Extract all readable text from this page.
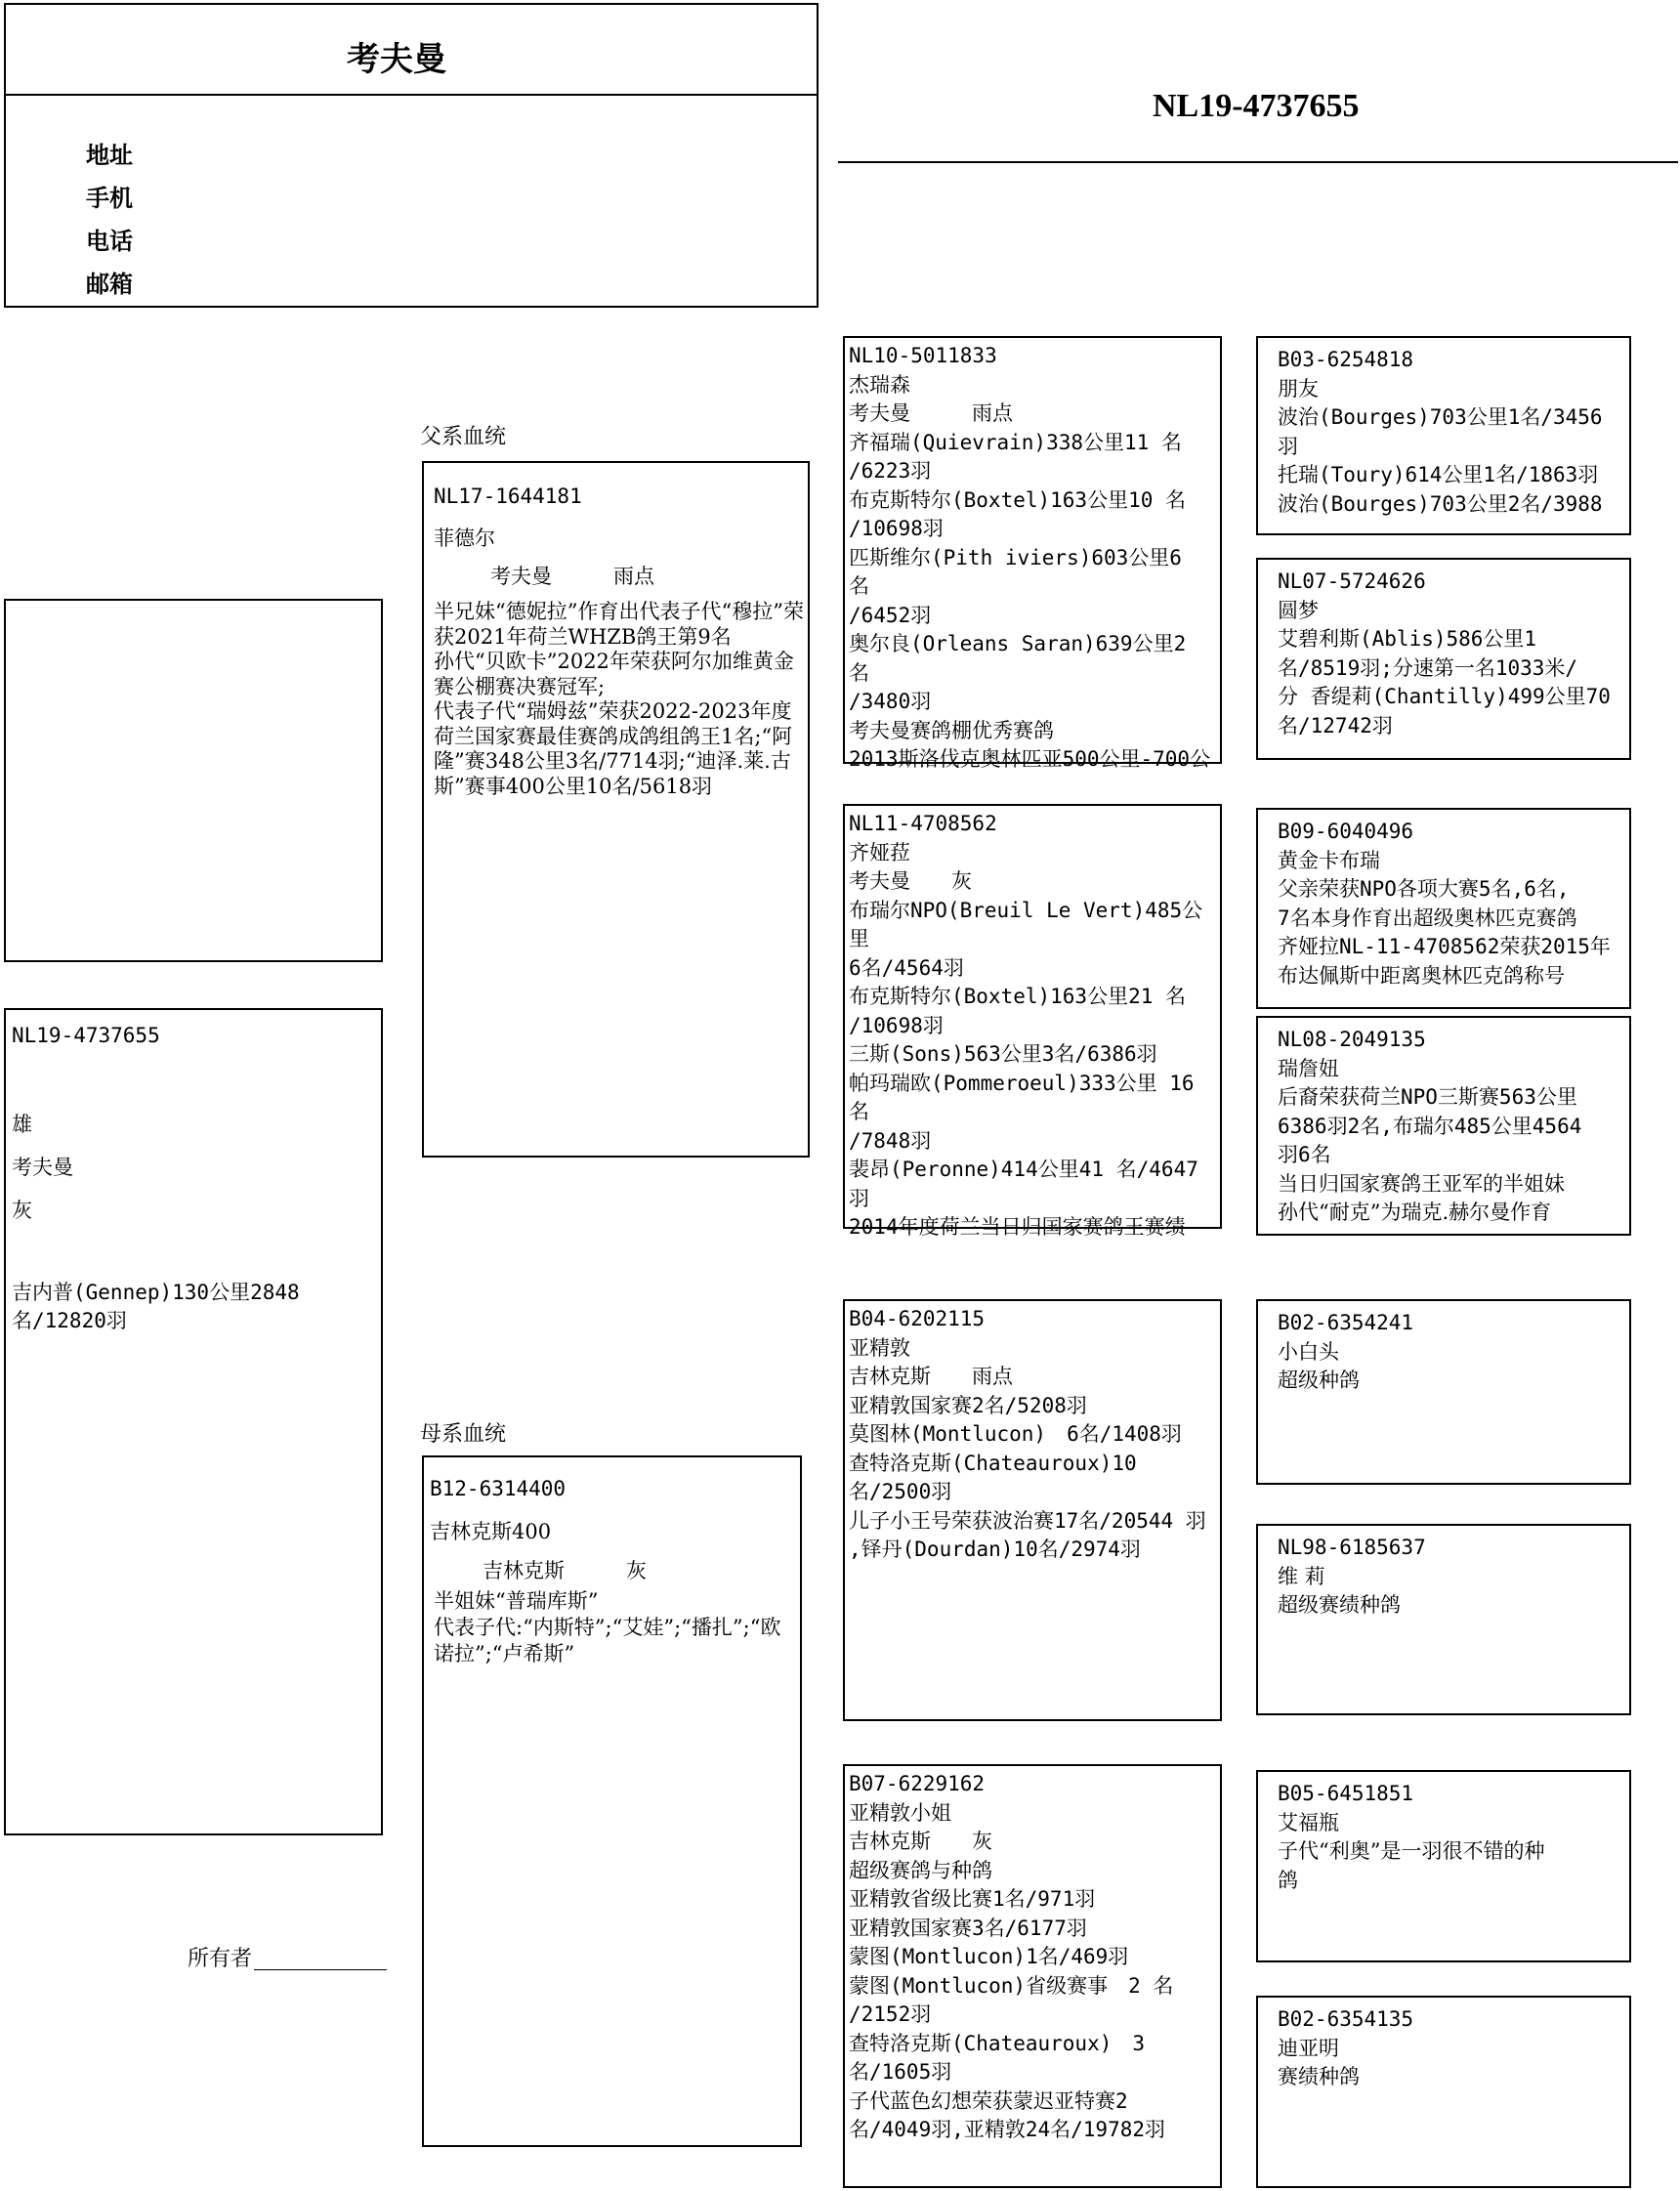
考夫曼
地址
手机
电话
邮箱
NL19-4737655
NL19-4737655
雄
考夫曼
灰
吉内普(Gennep)130公里2848名/12820羽
所有者
父系血统
母系血统
NL17-1644181
菲德尔
考夫曼　　　雨点
半兄妹“德妮拉”作育出代表子代“穆拉”荣获2021年荷兰WHZB鸽王第9名
孙代“贝欧卡”2022年荣获阿尔加维黄金赛公棚赛决赛冠军;
代表子代“瑞姆兹”荣获2022-2023年度荷兰国家赛最佳赛鸽成鸽组鸽王1名;“阿隆”赛348公里3名/7714羽;“迪泽.莱.古斯”赛事400公里10名/5618羽
B12-6314400
吉林克斯400
吉林克斯　　　灰
半姐妹“普瑞库斯”
代表子代:“内斯特”;“艾娃”;“播扎”;“欧诺拉”;“卢希斯”
NL10-5011833
杰瑞森
考夫曼　　　雨点
齐福瑞(Quievrain)338公里11 名
/6223羽
布克斯特尔(Boxtel)163公里10 名
/10698羽
匹斯维尔(Pith iviers)603公里6 名
/6452羽
奥尔良(Orleans Saran)639公里2 名
/3480羽
考夫曼赛鸽棚优秀赛鸽
2013斯洛伐克奥林匹亚500公里-700公
NL11-4708562
齐娅菈
考夫曼　　灰
布瑞尔NPO(Breuil Le Vert)485公 里
6名/4564羽
布克斯特尔(Boxtel)163公里21 名
/10698羽
三斯(Sons)563公里3名/6386羽
帕玛瑞欧(Pommeroeul)333公里 16名
/7848羽
裴昂(Peronne)414公里41 名/4647羽
2014年度荷兰当日归国家赛鸽王赛绩
B04-6202115
亚精敦
吉林克斯　　雨点
亚精敦国家赛2名/5208羽
莫图林(Montlucon)　6名/1408羽
查特洛克斯(Chateauroux)10
名/2500羽
儿子小王号荣获波治赛17名/20544 羽
,铎丹(Dourdan)10名/2974羽
B07-6229162
亚精敦小姐
吉林克斯　　灰
超级赛鸽与种鸽
亚精敦省级比赛1名/971羽
亚精敦国家赛3名/6177羽
蒙图(Montlucon)1名/469羽
蒙图(Montlucon)省级赛事　2 名
/2152羽
查特洛克斯(Chateauroux)　3
名/1605羽
子代蓝色幻想荣获蒙迟亚特赛2
名/4049羽,亚精敦24名/19782羽
B03-6254818
朋友
波治(Bourges)703公里1名/3456
羽
托瑞(Toury)614公里1名/1863羽
波治(Bourges)703公里2名/3988
NL07-5724626
圆梦
艾碧利斯(Ablis)586公里1
名/8519羽;分速第一名1033米/
分 香缇莉(Chantilly)499公里70
名/12742羽
B09-6040496
黄金卡布瑞
父亲荣获NPO各项大赛5名,6名,
7名本身作育出超级奥林匹克赛鸽
齐娅拉NL-11-4708562荣获2015年
布达佩斯中距离奥林匹克鸽称号
NL08-2049135
瑞詹妞
后裔荣获荷兰NPO三斯赛563公里
6386羽2名,布瑞尔485公里4564
羽6名
当日归国家赛鸽王亚军的半姐妹
孙代“耐克”为瑞克.赫尔曼作育
B02-6354241
小白头
超级种鸽
NL98-6185637
维 莉
超级赛绩种鸽
B05-6451851
艾福瓶
子代“利奥”是一羽很不错的种
鸽
B02-6354135
迪亚明
赛绩种鸽
